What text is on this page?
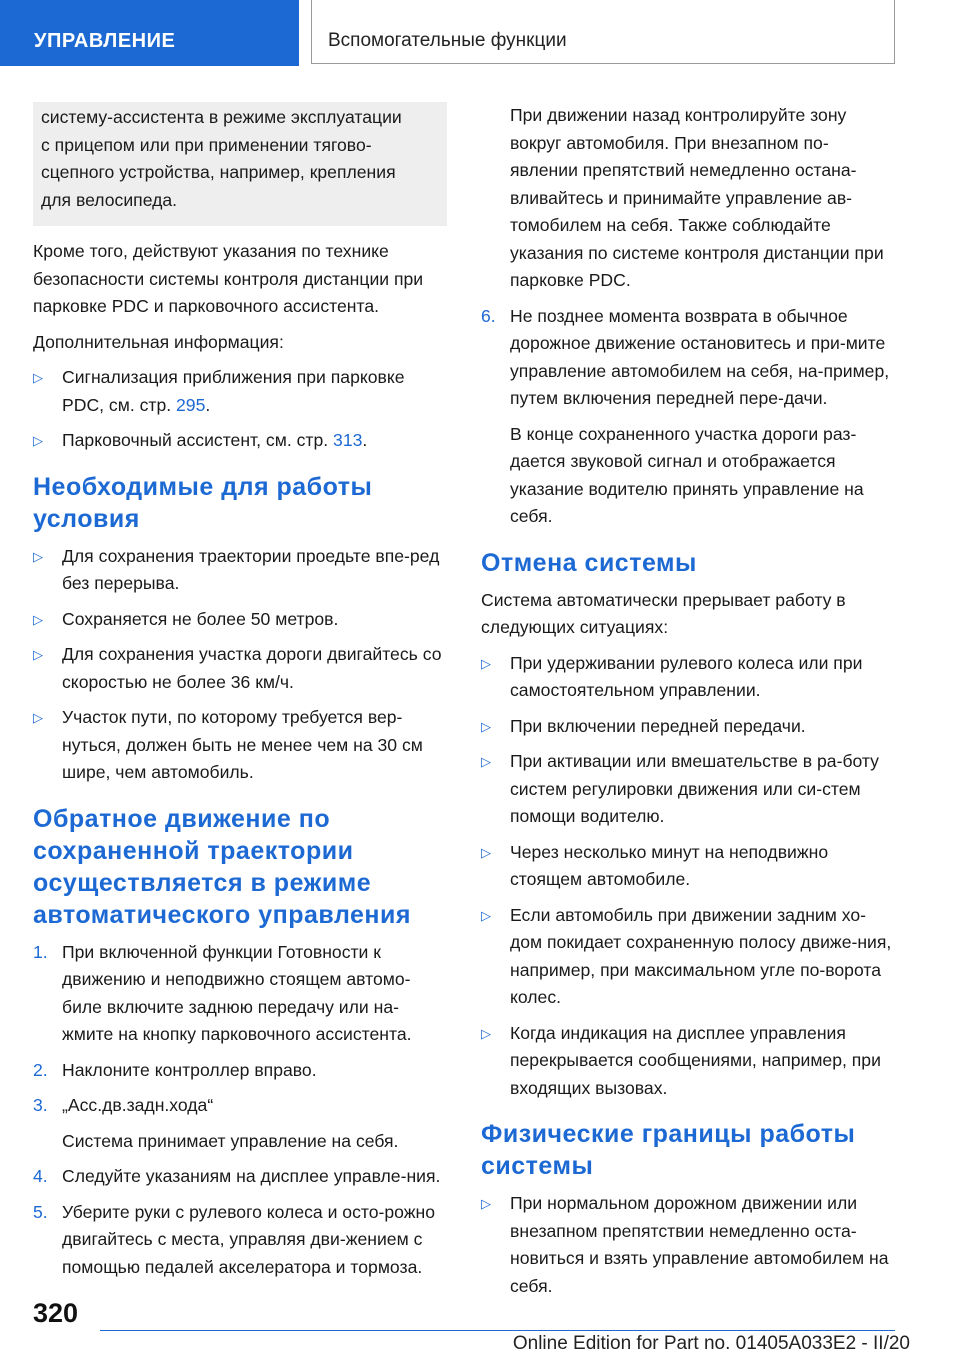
УПРАВЛЕНИЕ	Вспомогательные функции

систему-ассистента в режиме эксплуатации

с прицепом или при применении тягово-

сцепного устройства, например, крепления

для велосипеда.

Кроме того, действуют указания по технике безопасности системы контроля дистанции при парковке PDC и парковочного ассистента.

Дополнительная информация:

▷ Сигнализация приближения при парковке PDC, см. стр. 295.
▷ Парковочный ассистент, см. стр. 313.
Необходимые для работы условия
▷ Для сохранения траектории проедьте впе-ред без перерыва.
▷ Сохраняется не более 50 метров.
▷ Для сохранения участка дороги двигайтесь со скоростью не более 36 км/ч.
▷ Участок пути, по которому требуется вер-нуться, должен быть не менее чем на 30 см шире, чем автомобиль.
Обратное движение по сохраненной траектории осуществляется в режиме автоматического управления
1. При включенной функции Готовности к движению и неподвижно стоящем автомо-биле включите заднюю передачу или на-жмите на кнопку парковочного ассистента.
2. Наклоните контроллер вправо.
3. „Асс.дв.задн.хода“

Система принимает управление на себя.

4. Следуйте указаниям на дисплее управле-ния.
5. Уберите руки с рулевого колеса и осто-рожно двигайтесь с места, управляя дви-жением с помощью педалей акселератора и тормоза.

При движении назад контролируйте зону вокруг автомобиля. При внезапном по-явлении препятствий немедленно остана-вливайтесь и принимайте управление ав-томобилем на себя. Также соблюдайте указания по системе контроля дистанции при парковке PDC.

6. Не позднее момента возврата в обычное дорожное движение остановитесь и при-мите управление автомобилем на себя, на-пример, путем включения передней пере-дачи.

В конце сохраненного участка дороги раз-дается звуковой сигнал и отображается указание водителю принять управление на себя.

Отмена системы

Система автоматически прерывает работу в следующих ситуациях:

▷ При удерживании рулевого колеса или при самостоятельном управлении.
▷ При включении передней передачи.
▷ При активации или вмешательстве в ра-боту систем регулировки движения или си-стем помощи водителю.
▷ Через несколько минут на неподвижно стоящем автомобиле.
▷ Если автомобиль при движении задним хо-дом покидает сохраненную полосу движе-ния, например, при максимальном угле по-ворота колес.
▷ Когда индикация на дисплее управления перекрывается сообщениями, например, при входящих вызовах.
Физические границы работы системы
▷ При нормальном дорожном движении или внезапном препятствии немедленно оста-новиться и взять управление автомобилем на себя.
320
Online Edition for Part no. 01405A033E2 - II/20
